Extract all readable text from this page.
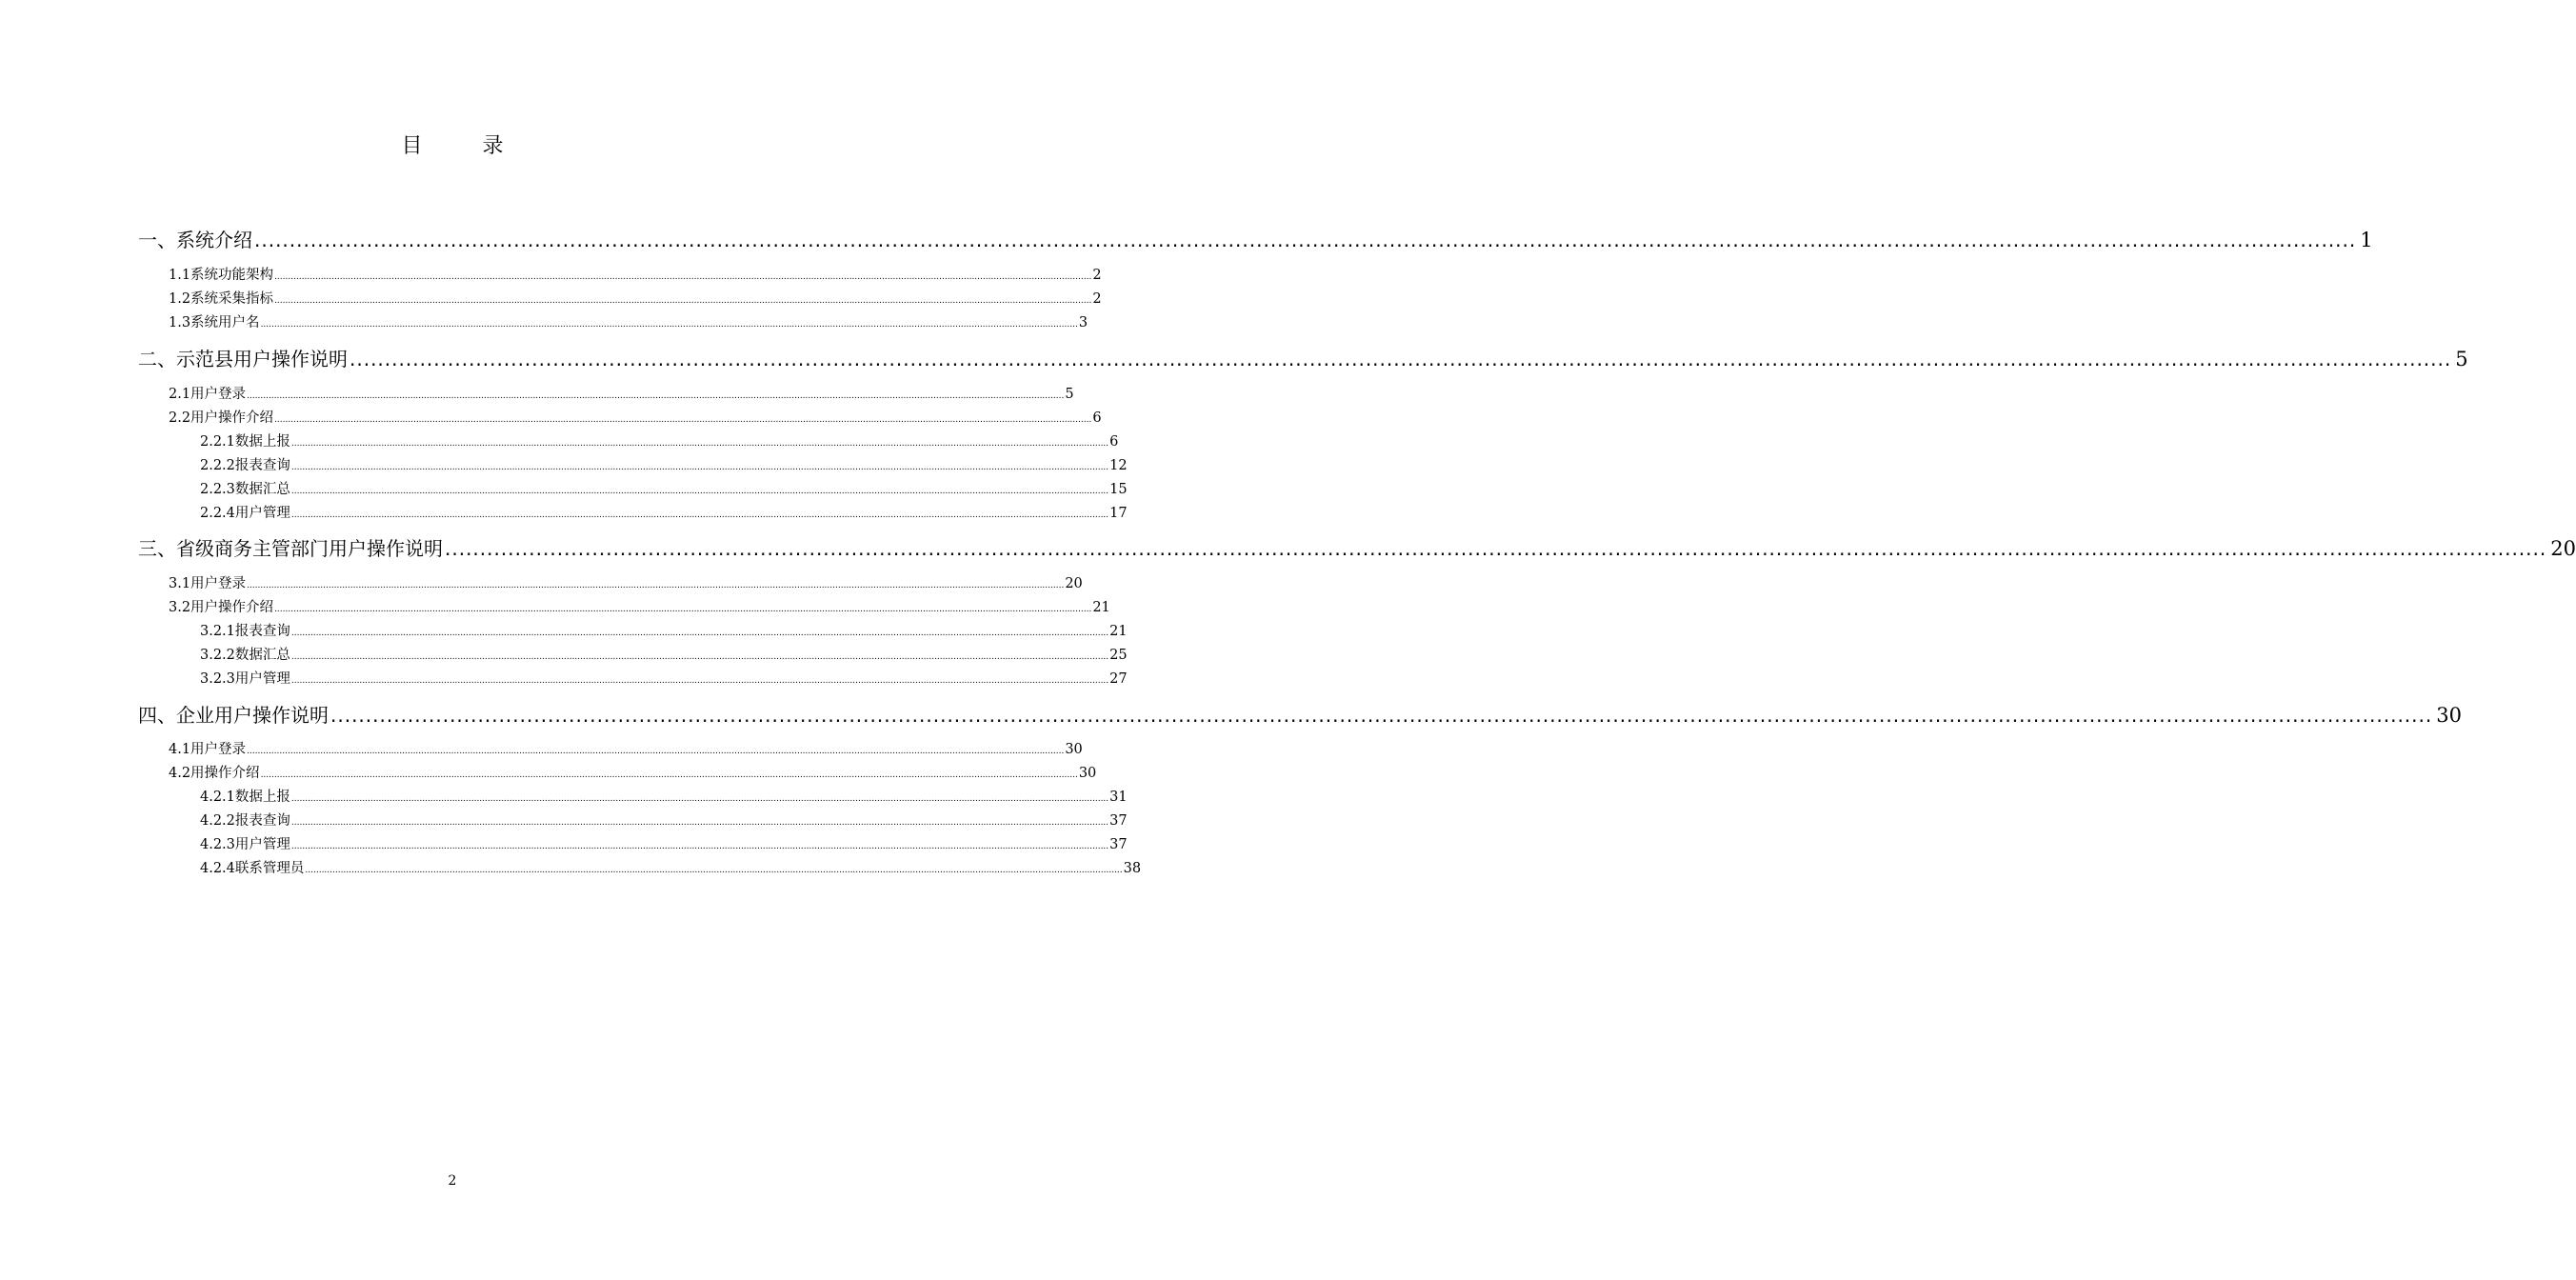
目 录
一、系统介绍 ............................................................................................................................................................................................................................................................................................................ 1
1.1系统功能架构 ............................................................................................................................................................................................................................................................................................................ 2
1.2系统采集指标 ............................................................................................................................................................................................................................................................................................................ 2
1.3系统用户名 ............................................................................................................................................................................................................................................................................................................ 3
二、示范县用户操作说明 ............................................................................................................................................................................................................................................................................................................ 5
2.1用户登录 ............................................................................................................................................................................................................................................................................................................ 5
2.2用户操作介绍 ............................................................................................................................................................................................................................................................................................................ 6
2.2.1数据上报 ............................................................................................................................................................................................................................................................................................................ 6
2.2.2报表查询 ............................................................................................................................................................................................................................................................................................................ 12
2.2.3数据汇总 ............................................................................................................................................................................................................................................................................................................ 15
2.2.4用户管理 ............................................................................................................................................................................................................................................................................................................ 17
三、省级商务主管部门用户操作说明 ............................................................................................................................................................................................................................................................................................................ 20
3.1用户登录 ............................................................................................................................................................................................................................................................................................................ 20
3.2用户操作介绍 ............................................................................................................................................................................................................................................................................................................ 21
3.2.1报表查询 ............................................................................................................................................................................................................................................................................................................ 21
3.2.2数据汇总 ............................................................................................................................................................................................................................................................................................................ 25
3.2.3用户管理 ............................................................................................................................................................................................................................................................................................................ 27
四、企业用户操作说明 ............................................................................................................................................................................................................................................................................................................ 30
4.1用户登录 ............................................................................................................................................................................................................................................................................................................ 30
4.2用操作介绍 ............................................................................................................................................................................................................................................................................................................ 30
4.2.1数据上报 ............................................................................................................................................................................................................................................................................................................ 31
4.2.2报表查询 ............................................................................................................................................................................................................................................................................................................ 37
4.2.3用户管理 ............................................................................................................................................................................................................................................................................................................ 37
4.2.4联系管理员 ............................................................................................................................................................................................................................................................................................................ 38
2
